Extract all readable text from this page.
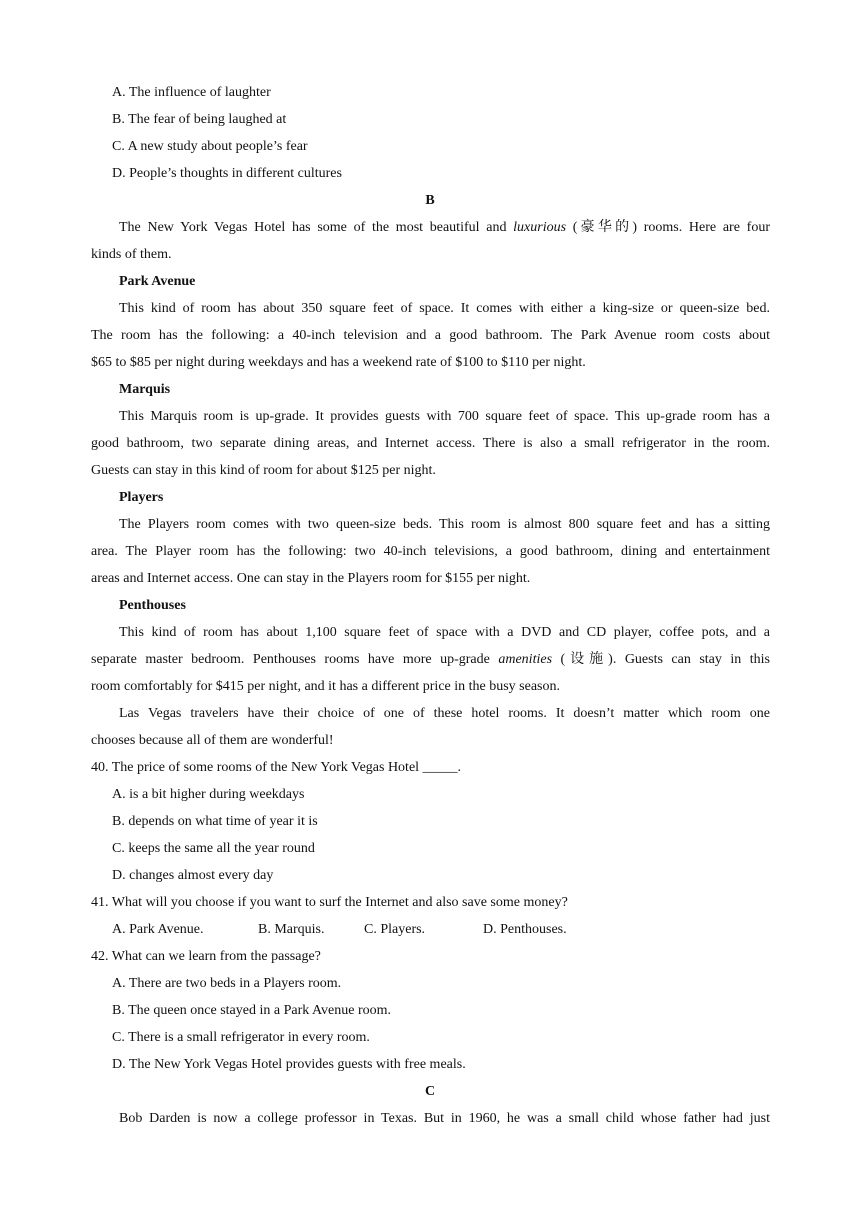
A. The influence of laughter
B. The fear of being laughed at
C. A new study about people’s fear
D. People’s thoughts in different cultures
B
The New York Vegas Hotel has some of the most beautiful and luxurious (豪华的) rooms. Here are four
kinds of them.
Park Avenue
This kind of room has about 350 square feet of space. It comes with either a king-size or queen-size bed.
The room has the following: a 40-inch television and a good bathroom. The Park Avenue room costs about
$65 to $85 per night during weekdays and has a weekend rate of $100 to $110 per night.
Marquis
This Marquis room is up-grade. It provides guests with 700 square feet of space. This up-grade room has a
good bathroom, two separate dining areas, and Internet access. There is also a small refrigerator in the room.
Guests can stay in this kind of room for about $125 per night.
Players
The Players room comes with two queen-size beds. This room is almost 800 square feet and has a sitting
area. The Player room has the following: two 40-inch televisions, a good bathroom, dining and entertainment
areas and Internet access. One can stay in the Players room for $155 per night.
Penthouses
This kind of room has about 1,100 square feet of space with a DVD and CD player, coffee pots, and a
separate master bedroom. Penthouses rooms have more up-grade amenities (设施). Guests can stay in this
room comfortably for $415 per night, and it has a different price in the busy season.
Las Vegas travelers have their choice of one of these hotel rooms. It doesn’t matter which room one
chooses because all of them are wonderful!
40. The price of some rooms of the New York Vegas Hotel _____.
A. is a bit higher during weekdays
B. depends on what time of year it is
C. keeps the same all the year round
D. changes almost every day
41. What will you choose if you want to surf the Internet and also save some money?
A. Park Avenue.	B. Marquis.	C. Players.	D. Penthouses.
42. What can we learn from the passage?
A. There are two beds in a Players room.
B. The queen once stayed in a Park Avenue room.
C. There is a small refrigerator in every room.
D. The New York Vegas Hotel provides guests with free meals.
C
Bob Darden is now a college professor in Texas. But in 1960, he was a small child whose father had just
